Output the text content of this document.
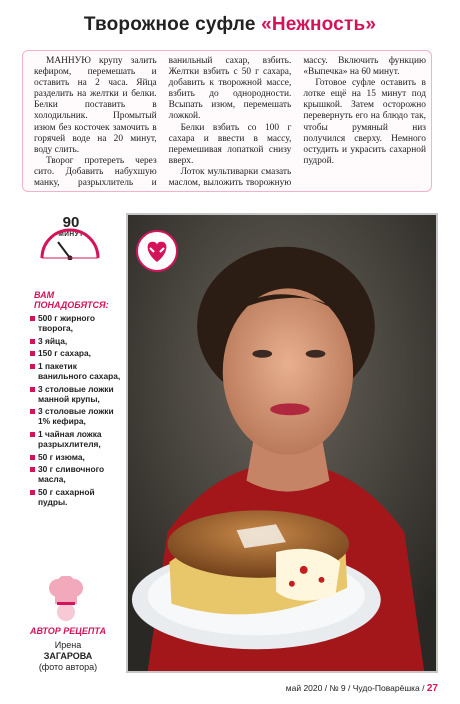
Творожное суфле «Нежность»

МАННУЮ крупу залить кефиром, перемешать и оставить на 2 часа. Яйца разделить на желтки и белки. Белки поставить в холодильник. Промытый изюм без косточек замочить в горячей воде на 20 минут, воду слить.

Творог протереть через сито. Добавить набухшую манку, разрыхлитель и ванильный сахар, взбить. Желтки взбить с 50 г сахара, добавить к творожной массе, взбить до однородности. Всыпать изюм, перемешать ложкой.

Белки взбить со 100 г сахара и ввести в массу, перемешивая лопаткой снизу вверх.

Лоток мультиварки смазать маслом, выложить творожную массу. Включить функцию «Выпечка» на 60 минут.

Готовое суфле оставить в лотке ещё на 15 минут под крышкой. Затем осторожно перевернуть его на блюдо так, чтобы румяный низ получился сверху. Немного остудить и украсить сахарной пудрой.

90
МИНУТ
ВАМ ПОНАДОБЯТСЯ:
500 г жирного творога,
3 яйца,
150 г сахара,
1 пакетик ванильного сахара,
3 столовые ложки манной крупы,
3 столовые ложки 1% кефира,
1 чайная ложка разрыхлителя,
50 г изюма,
30 г сливочного масла,
50 г сахарной пудры.
АВТОР РЕЦЕПТА
Ирена
ЗАГАРОВА
(фото автора)
май 2020 / № 9 / Чудо-Поварёшка / 27
